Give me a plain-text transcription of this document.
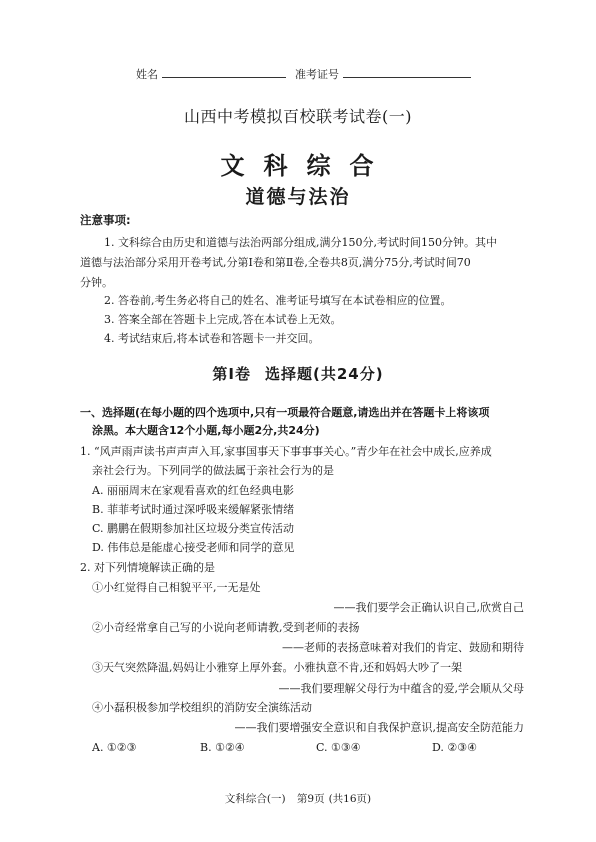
姓名	准考证号
山西中考模拟百校联考试卷(一)
文 科 综 合
道德与法治
注意事项:
1. 文科综合由历史和道德与法治两部分组成,满分150分,考试时间150分钟。其中
道德与法治部分采用开卷考试,分第Ⅰ卷和第Ⅱ卷,全卷共8页,满分75分,考试时间70
分钟。
2. 答卷前,考生务必将自己的姓名、准考证号填写在本试卷相应的位置。
3. 答案全部在答题卡上完成,答在本试卷上无效。
4. 考试结束后,将本试卷和答题卡一并交回。
第Ⅰ卷 选择题(共24分)
一、选择题(在每小题的四个选项中,只有一项最符合题意,请选出并在答题卡上将该项
涂黑。本大题含12个小题,每小题2分,共24分)
1. “风声雨声读书声声声入耳,家事国事天下事事事关心。”青少年在社会中成长,应养成
亲社会行为。下列同学的做法属于亲社会行为的是
A. 丽丽周末在家观看喜欢的红色经典电影
B. 菲菲考试时通过深呼吸来缓解紧张情绪
C. 鹏鹏在假期参加社区垃圾分类宣传活动
D. 伟伟总是能虚心接受老师和同学的意见
2. 对下列情境解读正确的是
①小红觉得自己相貌平平,一无是处
——我们要学会正确认识自己,欣赏自己
②小奇经常拿自己写的小说向老师请教,受到老师的表扬
——老师的表扬意味着对我们的肯定、鼓励和期待
③天气突然降温,妈妈让小雅穿上厚外套。小雅执意不肯,还和妈妈大吵了一架
——我们要理解父母行为中蕴含的爱,学会顺从父母
④小磊积极参加学校组织的消防安全演练活动
——我们要增强安全意识和自我保护意识,提高安全防范能力
A. ①②③	B. ①②④	C. ①③④	D. ②③④
文科综合(一) 第9页 (共16页)
